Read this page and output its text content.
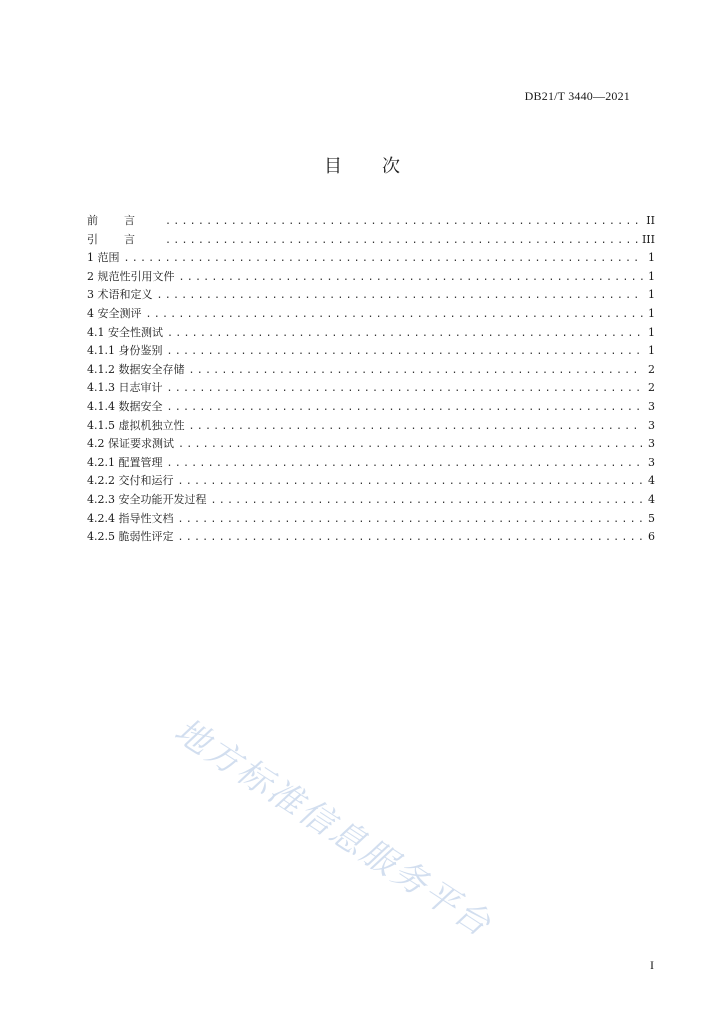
DB21/T 3440—2021
目次
前言 .....	II
引言 .....	III
1 范围 .....	1
2 规范性引用文件 .....	1
3 术语和定义 .....	1
4 安全测评 .....	1
4.1 安全性测试 .....	1
4.1.1 身份鉴别 .....	1
4.1.2 数据安全存储 .....	2
4.1.3 日志审计 .....	2
4.1.4 数据安全 .....	3
4.1.5 虚拟机独立性 .....	3
4.2 保证要求测试 .....	3
4.2.1 配置管理 .....	3
4.2.2 交付和运行 .....	4
4.2.3 安全功能开发过程 .....	4
4.2.4 指导性文档 .....	5
4.2.5 脆弱性评定 .....	6
地方标准信息服务平台
I
